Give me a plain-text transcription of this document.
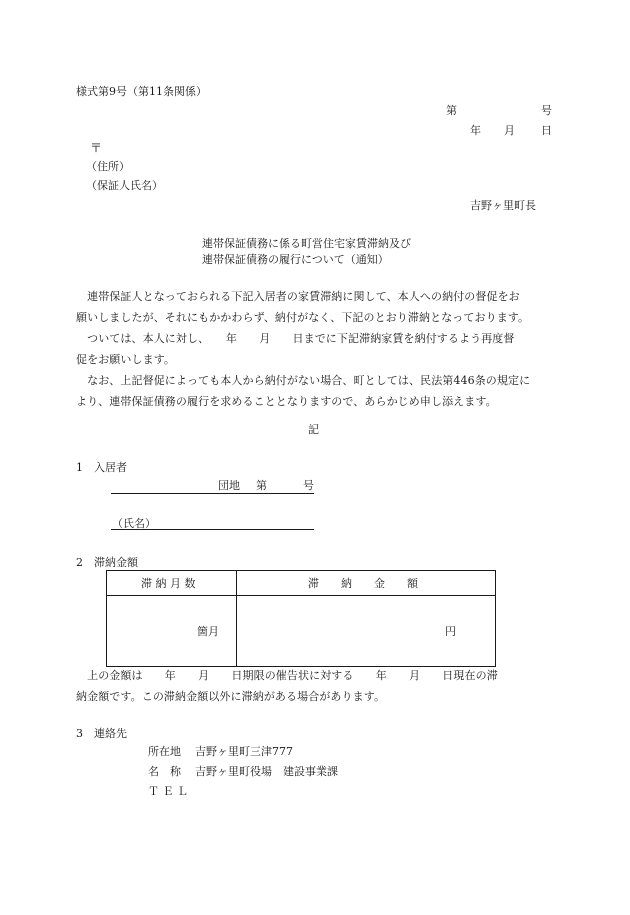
様式第9号（第11条関係）
第	号
年 月 日
〒
（住所）
（保証人氏名）
吉野ヶ里町長
連帯保証債務に係る町営住宅家賃滞納及び
連帯保証債務の履行について（通知）

　連帯保証人となっておられる下記入居者の家賃滞納に関して、本人への納付の督促をお

願いしましたが、それにもかかわらず、納付がなく、下記のとおり滞納となっております。

　ついては、本人に対し、　　年　　月　　日までに下記滞納家賃を納付するよう再度督

促をお願いします。

　なお、上記督促によっても本人から納付がない場合、町としては、民法第446条の規定に

より、連帯保証債務の履行を求めることとなりますので、あらかじめ申し添えます。

記
1　入居者
団地 第	号
（氏名）
2　滞納金額
滞 納 月 数	滞　　納　　金　　額
箇月	円

　上の金額は　　年　　月　　日期限の催告状に対する　　年　　月　　日現在の滞

納金額です。この滞納金額以外に滞納がある場合があります。

3　連絡先
所在地 吉野ヶ里町三津777
名　称 吉野ヶ里町役場　建設事業課
Ｔ Ｅ Ｌ
